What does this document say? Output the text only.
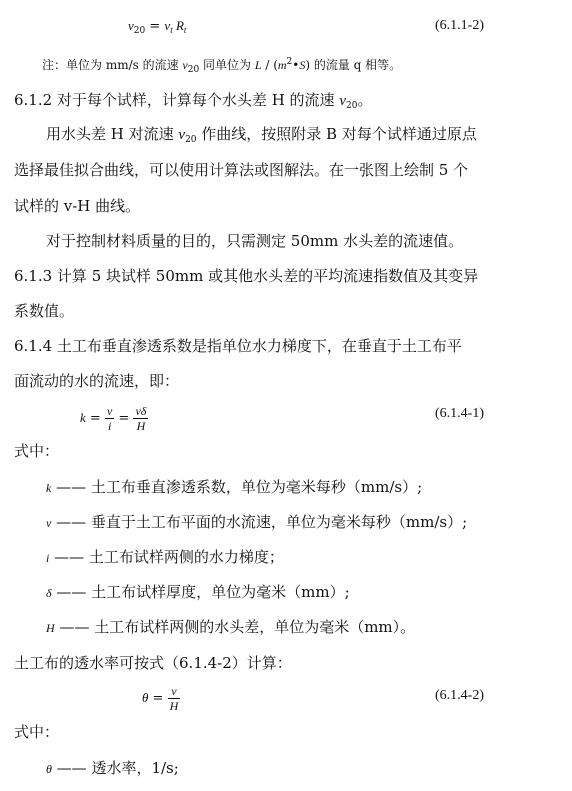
$v_{20} = v_t$ $R_t$	(6.1.1-2)
注：单位为 mm/s 的流速 $v_{20}$ 同单位为 L / $(m^2•S)$ 的流量 q 相等。
6.1.2 对于每个试样，计算每个水头差 H 的流速 $v_{20}$。
用水头差 H 对流速 $v_{20}$ 作曲线，按照附录 B 对每个试样通过原点
选择最佳拟合曲线，可以使用计算法或图解法。在一张图上绘制 5 个
试样的 v-H 曲线。
对于控制材料质量的目的，只需测定 50mm 水头差的流速值。
6.1.3 计算 5 块试样 50mm 或其他水头差的平均流速指数值及其变异
系数值。
6.1.4 土工布垂直渗透系数是指单位水力梯度下，在垂直于土工布平
面流动的水的流速，即：
$k = \frac{v}{i} = \frac{v\delta}{H}$	(6.1.4-1)
式中：
k —— 土工布垂直渗透系数，单位为毫米每秒（mm/s）;
v —— 垂直于土工布平面的水流速，单位为毫米每秒（mm/s）;
i —— 土工布试样两侧的水力梯度；
δ —— 土工布试样厚度，单位为毫米（mm）;
H —— 土工布试样两侧的水头差，单位为毫米（mm）。
土工布的透水率可按式（6.1.4-2）计算：
$\theta = \frac{v}{H}$	(6.1.4-2)
式中：
θ —— 透水率，1/s;
